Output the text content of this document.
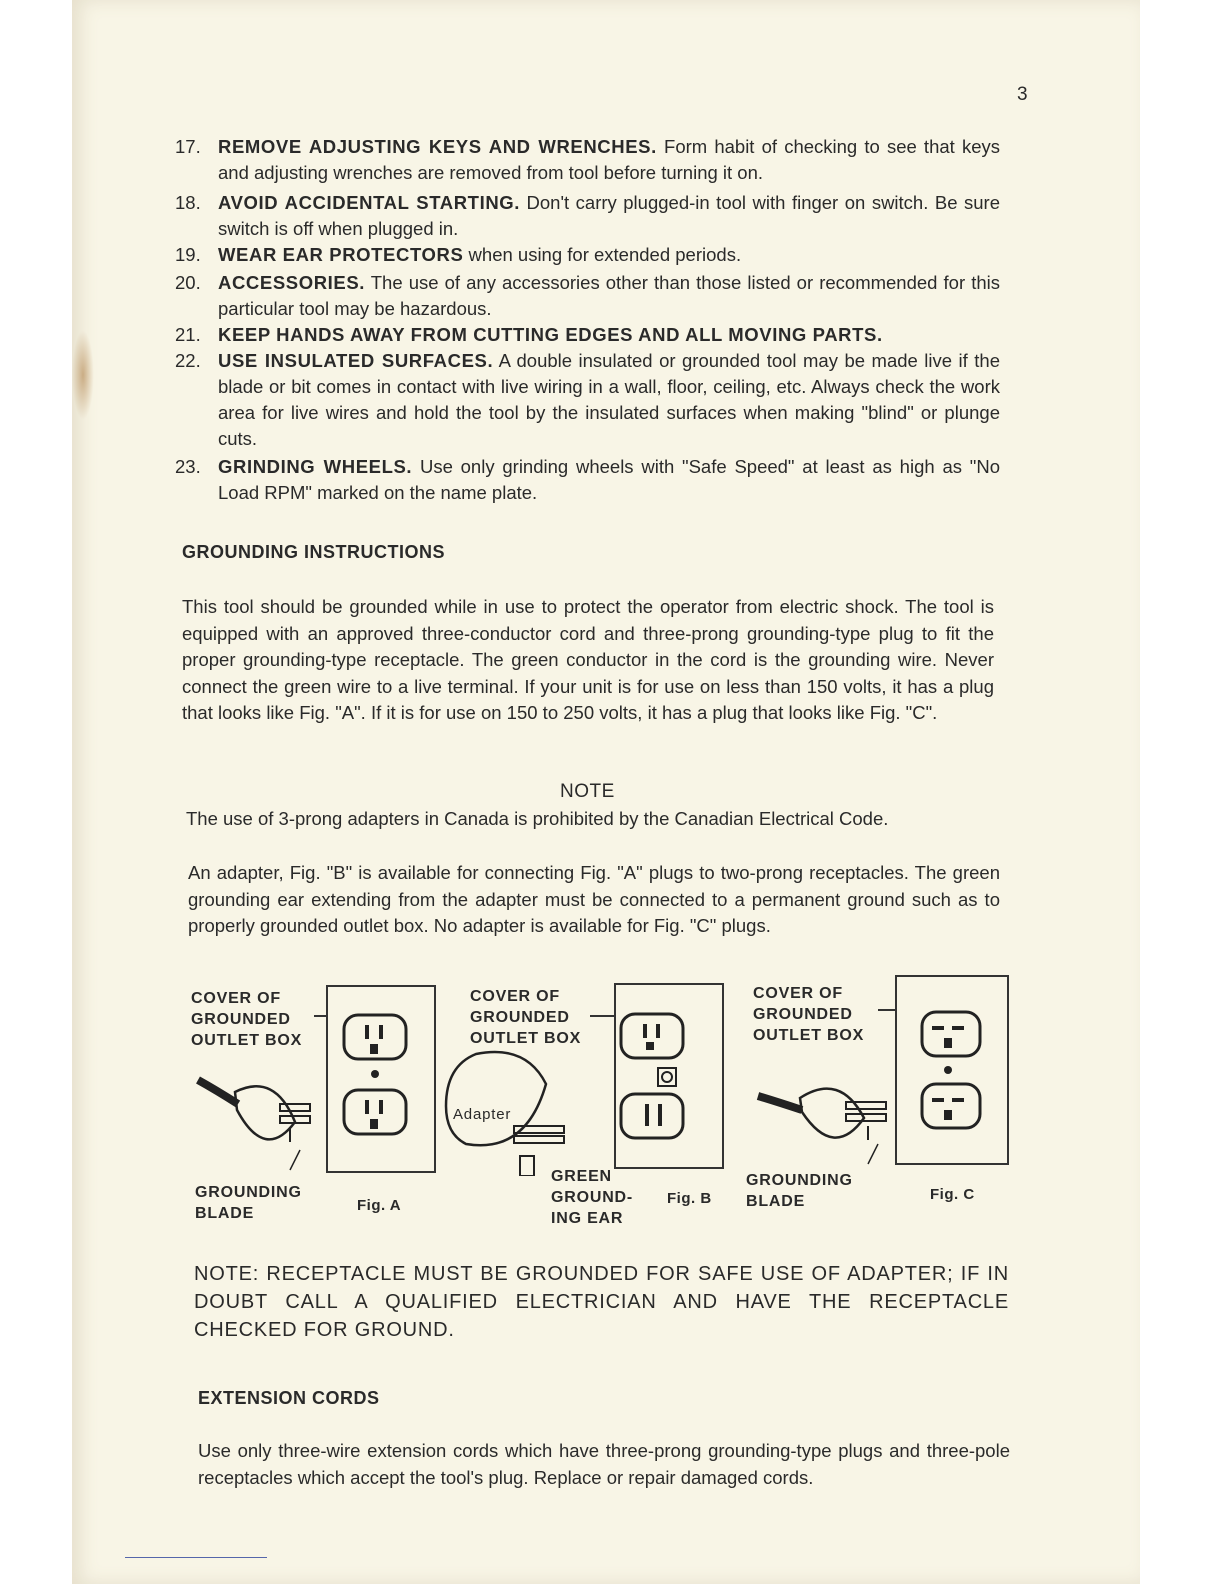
3
17. REMOVE ADJUSTING KEYS AND WRENCHES. Form habit of checking to see that keys and adjusting wrenches are removed from tool before turning it on.
18. AVOID ACCIDENTAL STARTING. Don't carry plugged-in tool with finger on switch. Be sure switch is off when plugged in.
19. WEAR EAR PROTECTORS when using for extended periods.
20. ACCESSORIES. The use of any accessories other than those listed or recommended for this particular tool may be hazardous.
21. KEEP HANDS AWAY FROM CUTTING EDGES AND ALL MOVING PARTS.
22. USE INSULATED SURFACES. A double insulated or grounded tool may be made live if the blade or bit comes in contact with live wiring in a wall, floor, ceiling, etc. Always check the work area for live wires and hold the tool by the insulated surfaces when making "blind" or plunge cuts.
23. GRINDING WHEELS. Use only grinding wheels with "Safe Speed" at least as high as "No Load RPM" marked on the name plate.
GROUNDING INSTRUCTIONS
This tool should be grounded while in use to protect the operator from electric shock. The tool is equipped with an approved three-conductor cord and three-prong grounding-type plug to fit the proper grounding-type receptacle. The green conductor in the cord is the grounding wire. Never connect the green wire to a live terminal. If your unit is for use on less than 150 volts, it has a plug that looks like Fig. "A". If it is for use on 150 to 250 volts, it has a plug that looks like Fig. "C".
NOTE
The use of 3-prong adapters in Canada is prohibited by the Canadian Electrical Code.
An adapter, Fig. "B" is available for connecting Fig. "A" plugs to two-prong receptacles. The green grounding ear extending from the adapter must be connected to a permanent ground such as to properly grounded outlet box. No adapter is available for Fig. "C" plugs.
COVER OF
GROUNDED
OUTLET BOX
GROUNDING
BLADE	Fig. A
COVER OF
GROUNDED
OUTLET BOX
Adapter
GREEN
GROUND-
ING EAR
Fig. B
COVER OF
GROUNDED
OUTLET BOX
GROUNDING
BLADE	Fig. C
NOTE: RECEPTACLE MUST BE GROUNDED FOR SAFE USE OF ADAPTER; IF IN DOUBT CALL A QUALIFIED ELECTRICIAN AND HAVE THE RECEPTACLE CHECKED FOR GROUND.
EXTENSION CORDS
Use only three-wire extension cords which have three-prong grounding-type plugs and three-pole receptacles which accept the tool's plug. Replace or repair damaged cords.
